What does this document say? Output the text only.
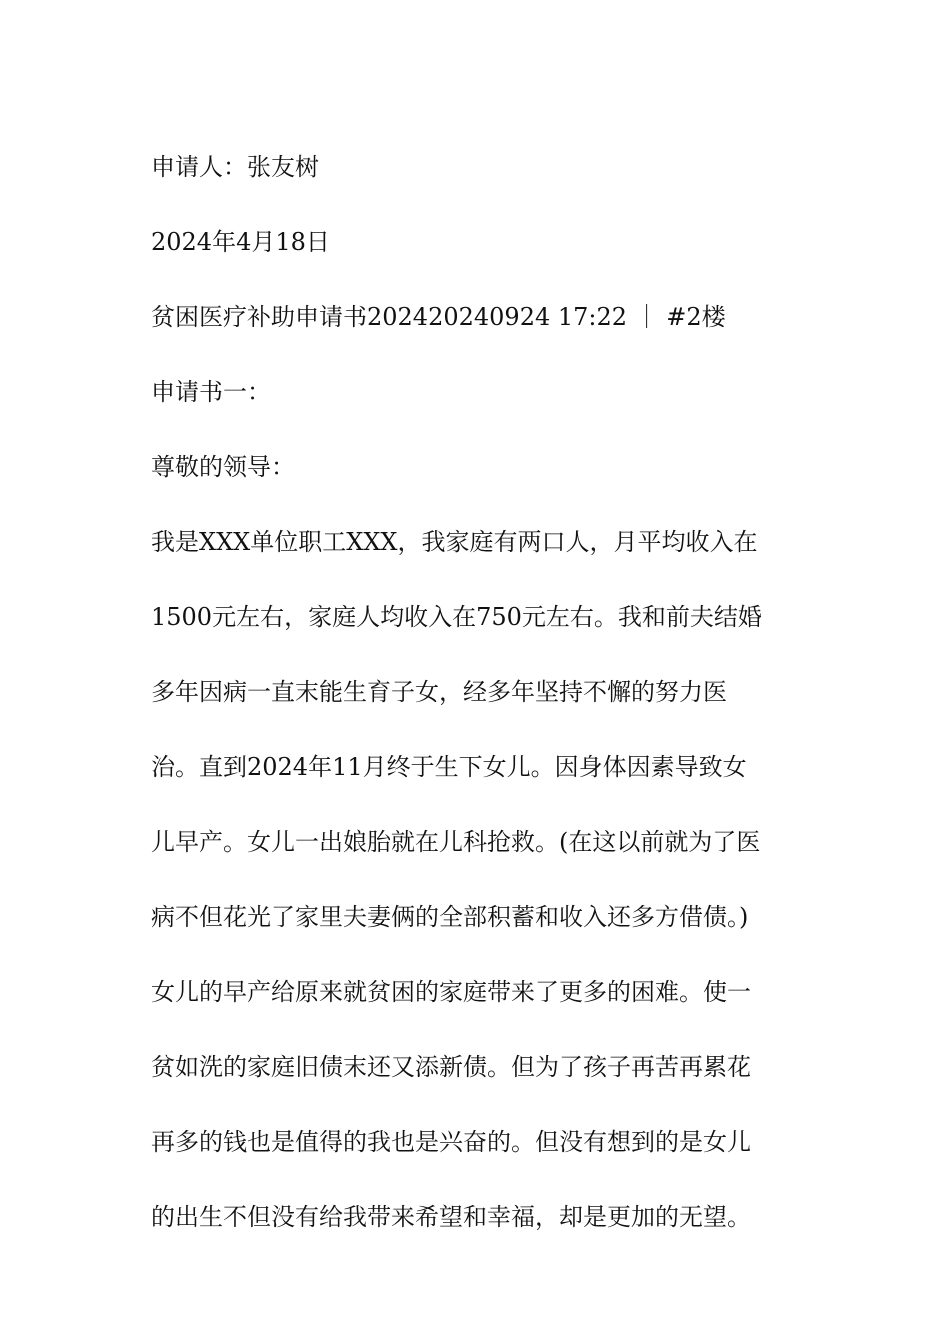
申请人：张友树
2024年4月18日
贫困医疗补助申请书202420240924 17:22 ｜ #2楼
申请书一：
尊敬的领导：
我是XXX单位职工XXX，我家庭有两口人，月平均收入在
1500元左右，家庭人均收入在750元左右。我和前夫结婚
多年因病一直末能生育子女，经多年坚持不懈的努力医
治。直到2024年11月终于生下女儿。因身体因素导致女
儿早产。女儿一出娘胎就在儿科抢救。(在这以前就为了医
病不但花光了家里夫妻俩的全部积蓄和收入还多方借债。)
女儿的早产给原来就贫困的家庭带来了更多的困难。使一
贫如洗的家庭旧债末还又添新债。但为了孩子再苦再累花
再多的钱也是值得的我也是兴奋的。但没有想到的是女儿
的出生不但没有给我带来希望和幸福，却是更加的无望。
